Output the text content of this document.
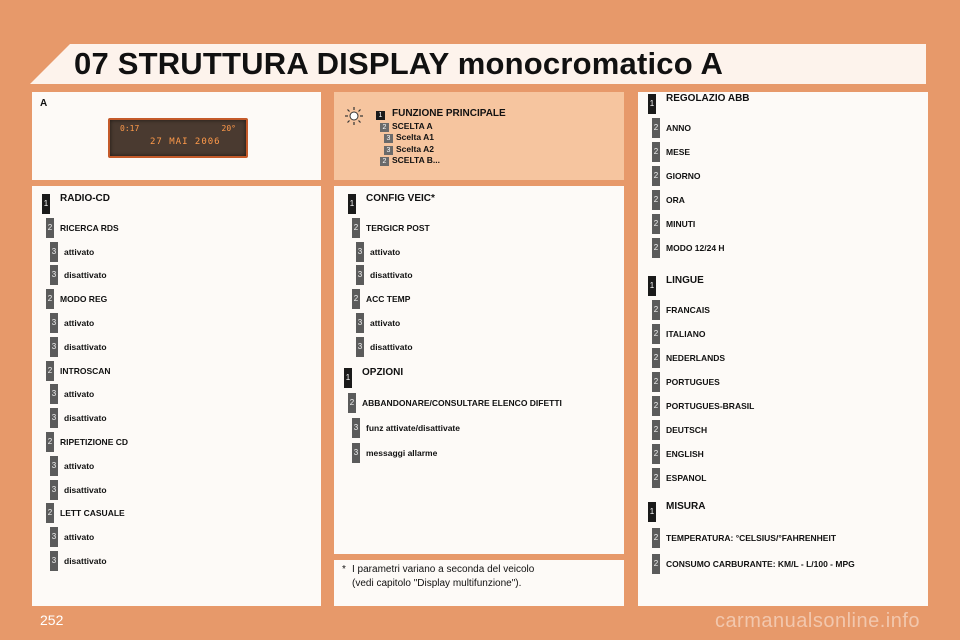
07 STRUTTURA DISPLAY monocromatico A
A
0:17	20°
27 MAI 2006
1 FUNZIONE PRINCIPALE
2 SCELTA A
3 Scelta A1
3 Scelta A2
2 SCELTA B...
1 RADIO-CD
2 RICERCA RDS
3 attivato
3 disattivato
2 MODO REG
3 attivato
3 disattivato
2 INTROSCAN
3 attivato
3 disattivato
2 RIPETIZIONE CD
3 attivato
3 disattivato
2 LETT CASUALE
3 attivato
3 disattivato
1 CONFIG VEIC*
2 TERGICR POST
3 attivato
3 disattivato
2 ACC TEMP
3 attivato
3 disattivato
1 OPZIONI
2 ABBANDONARE/CONSULTARE ELENCO DIFETTI
3 funz attivate/disattivate
3 messaggi allarme
* I parametri variano a seconda del veicolo
(vedi capitolo "Display multifunzione").
1 REGOLAZIO ABB
2 ANNO
2 MESE
2 GIORNO
2 ORA
2 MINUTI
2 MODO 12/24 H
1 LINGUE
2 FRANCAIS
2 ITALIANO
2 NEDERLANDS
2 PORTUGUES
2 PORTUGUES-BRASIL
2 DEUTSCH
2 ENGLISH
2 ESPANOL
1 MISURA
2 TEMPERATURA: °CELSIUS/°FAHRENHEIT
2 CONSUMO CARBURANTE: KM/L - L/100 - MPG
252	carmanualsonline.info
